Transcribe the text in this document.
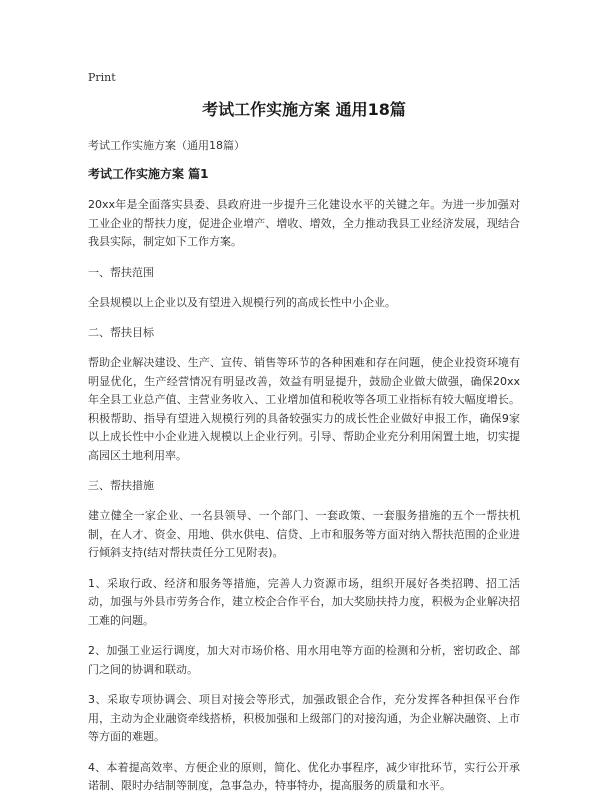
Print
考试工作实施方案 通用18篇
考试工作实施方案（通用18篇）
考试工作实施方案 篇1
20xx年是全面落实县委、县政府进一步提升三化建设水平的关键之年。为进一步加强对工业企业的帮扶力度，促进企业增产、增收、增效，全力推动我县工业经济发展，现结合我县实际，制定如下工作方案。
一、帮扶范围
全县规模以上企业以及有望进入规模行列的高成长性中小企业。
二、帮扶目标
帮助企业解决建设、生产、宣传、销售等环节的各种困难和存在问题，使企业投资环境有明显优化，生产经营情况有明显改善，效益有明显提升，鼓励企业做大做强，确保20xx年全县工业总产值、主营业务收入、工业增加值和税收等各项工业指标有较大幅度增长。积极帮助、指导有望进入规模行列的具备较强实力的成长性企业做好申报工作，确保9家以上成长性中小企业进入规模以上企业行列。引导、帮助企业充分利用闲置土地，切实提高园区土地利用率。
三、帮扶措施
建立健全一家企业、一名县领导、一个部门、一套政策、一套服务措施的五个一帮扶机制，在人才、资金、用地、供水供电、信贷、上市和服务等方面对纳入帮扶范围的企业进行倾斜支持(结对帮扶责任分工见附表)。
1、采取行政、经济和服务等措施，完善人力资源市场，组织开展好各类招聘、招工活动，加强与外县市劳务合作，建立校企合作平台，加大奖励扶持力度，积极为企业解决招工难的问题。
2、加强工业运行调度，加大对市场价格、用水用电等方面的检测和分析，密切政企、部门之间的协调和联动。
3、采取专项协调会、项目对接会等形式，加强政银企合作，充分发挥各种担保平台作用，主动为企业融资牵线搭桥，积极加强和上级部门的对接沟通，为企业解决融资、上市等方面的难题。
4、本着提高效率、方便企业的原则，简化、优化办事程序，减少审批环节，实行公开承诺制、限时办结制等制度，急事急办，特事特办，提高服务的质量和水平。
